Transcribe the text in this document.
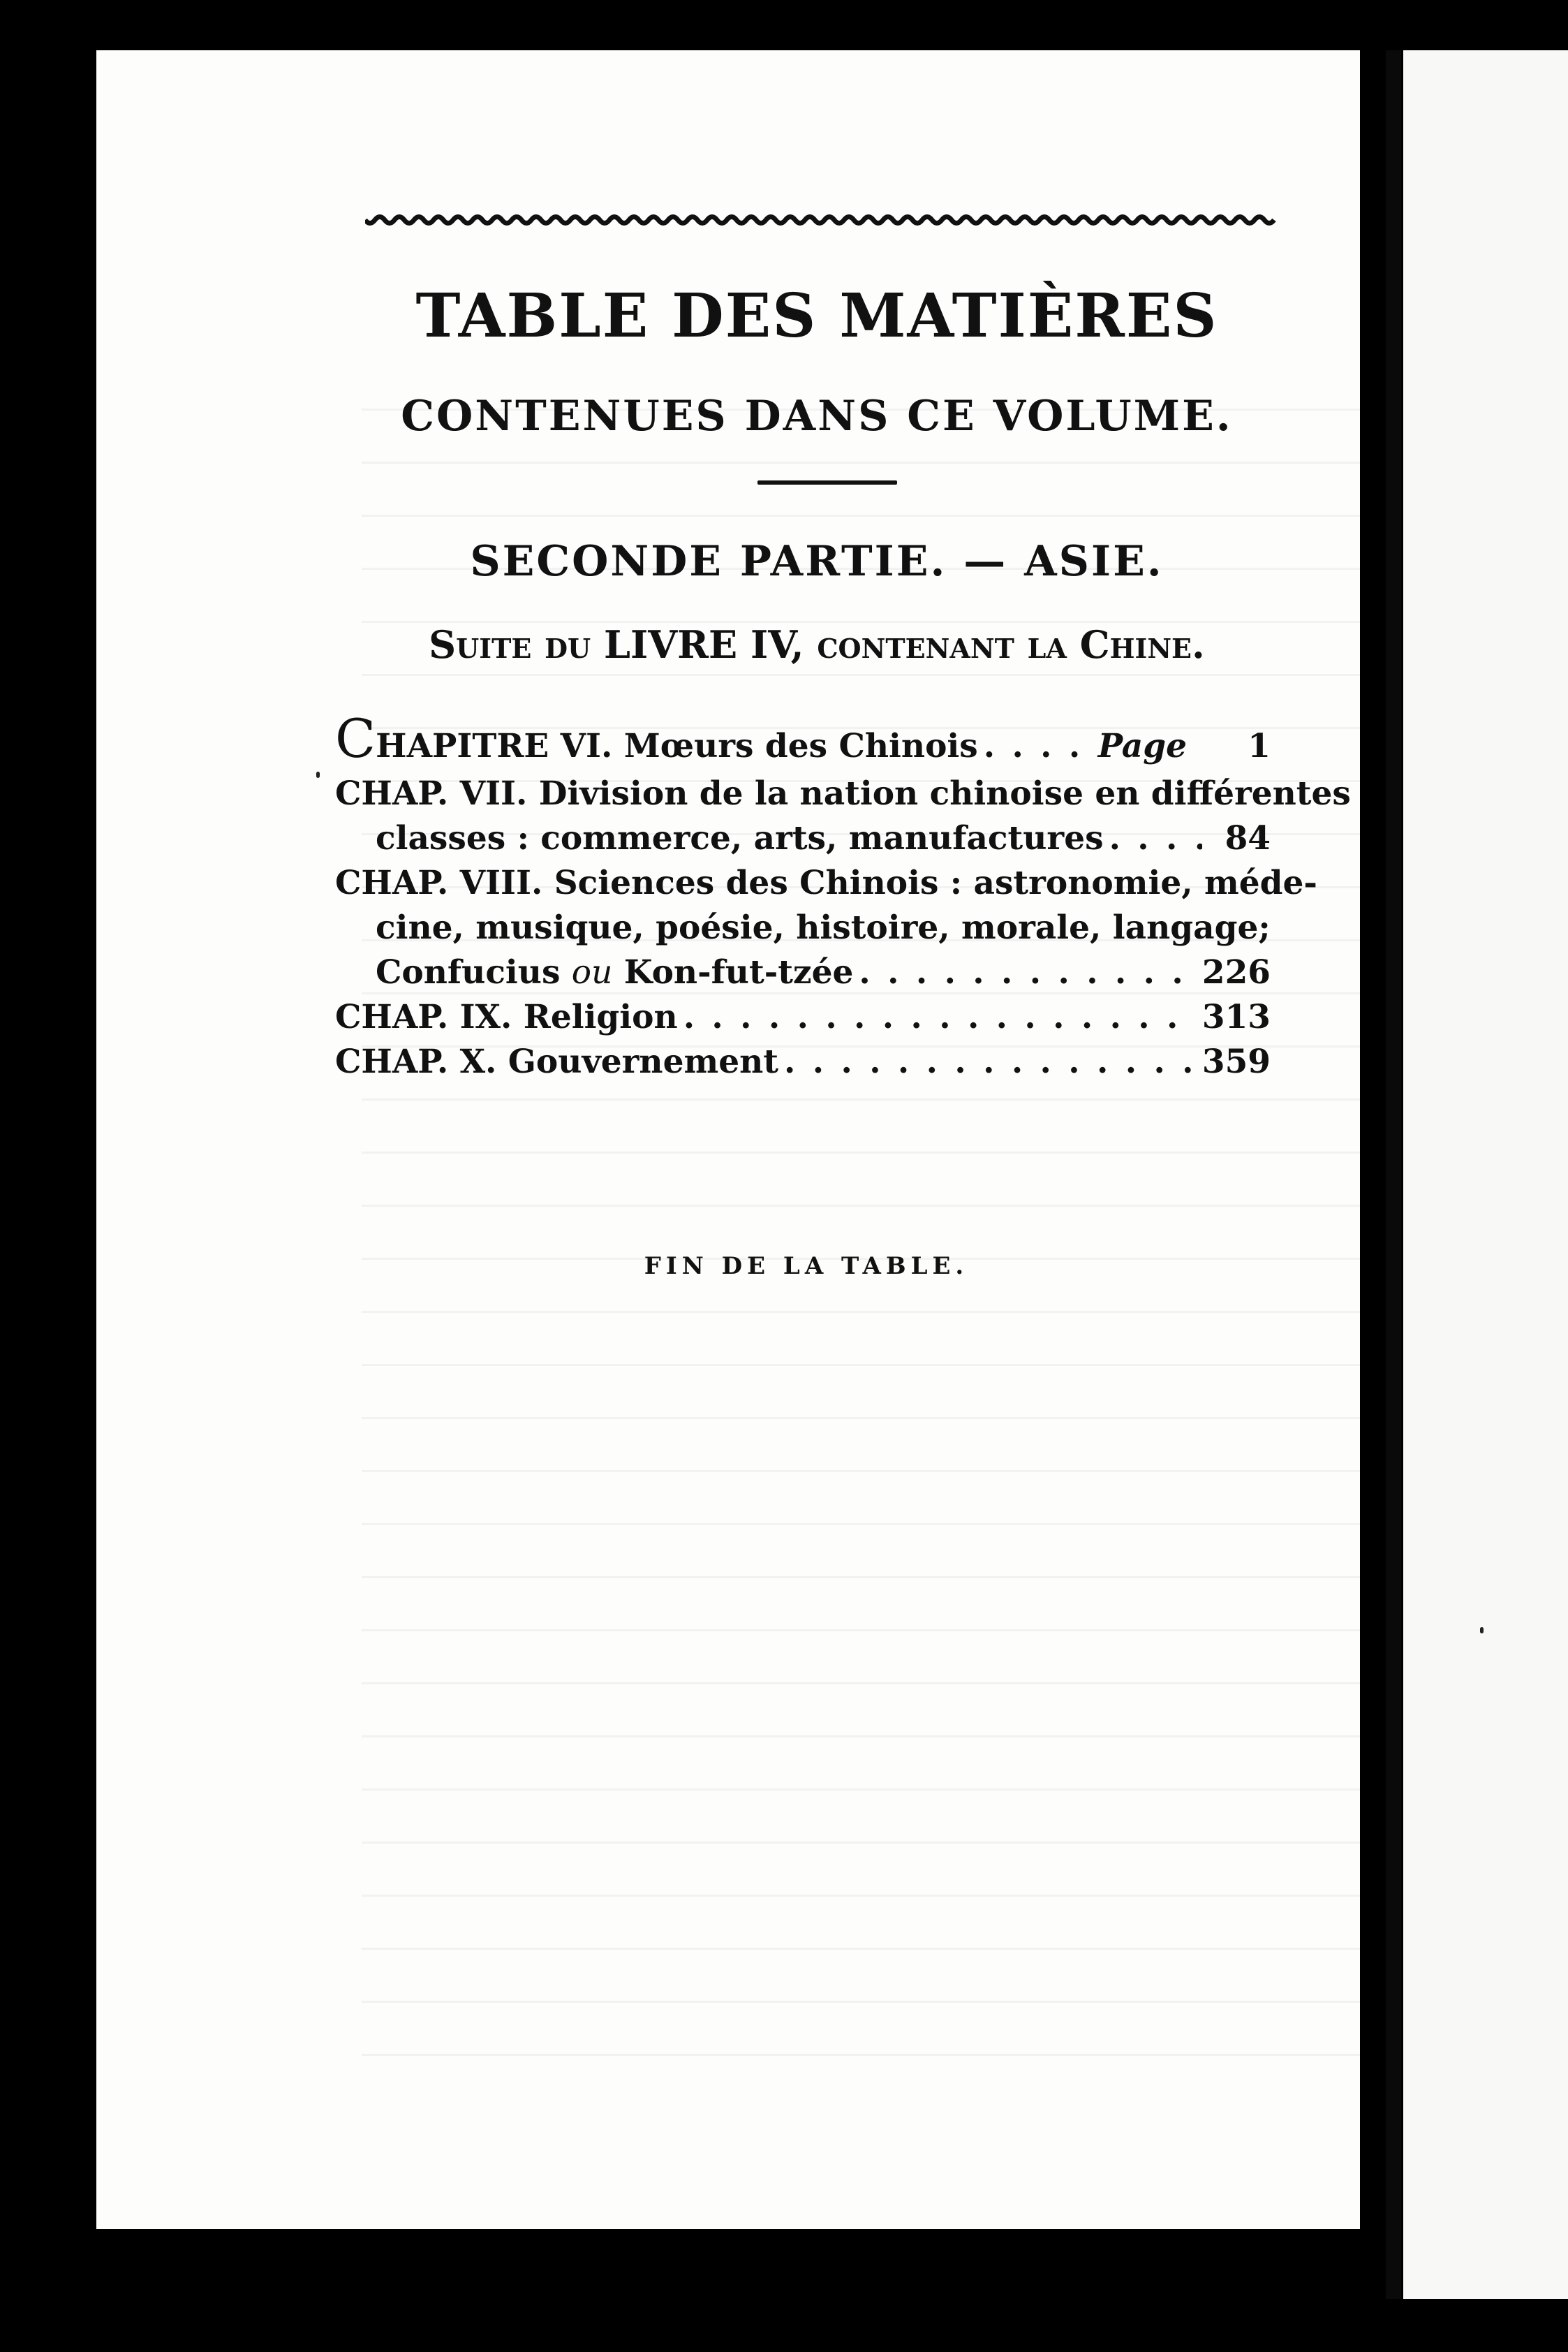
TABLE DES MATIÈRES
CONTENUES DANS CE VOLUME.
SECONDE PARTIE. — ASIE.
Suite du LIVRE IV, contenant la Chine.
CHAPITRE VI.
Mœurs des Chinois . . .	Page	1
CHAP. VII.
Division de la nation chinoise en différentes
classes : commerce, arts, manufactures . . .	84
CHAP. VIII.
Sciences des Chinois : astronomie, méde-
cine, musique, poésie, histoire, morale, langage;
Confucius ou Kon-fut-tzée . . .	226
CHAP. IX.
Religion . . .	313
CHAP. X.
Gouvernement . . .	359
FIN DE LA TABLE.
